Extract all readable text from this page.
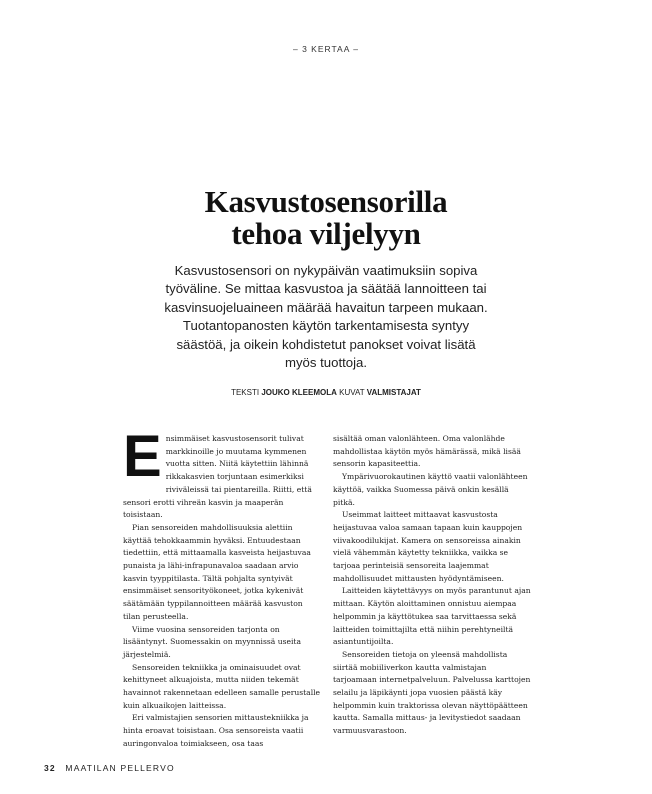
– 3 KERTAA –
Kasvustosensorilla
tehoa viljelyyn

Kasvustosensori on nykypäivän vaatimuksiin sopiva työväline. Se mittaa kasvustoa ja säätää lannoitteen tai kasvinsuojeluaineen määrää havaitun tarpeen mukaan. Tuotantopanosten käytön tarkentamisesta syntyy säästöä, ja oikein kohdistetut panokset voivat lisätä myös tuottoja.

TEKSTI JOUKO KLEEMOLA KUVAT VALMISTAJAT
E nsimmäiset kasvustosensorit tulivat markkinoille jo muutama kymmenen vuotta sitten. Niitä käytettiin lähinnä rikkakasvien torjuntaan esimerkiksi riviväleissä tai pientareilla. Riitti, että sensori erotti vihreän kasvin ja maaperän toisistaan.

Pian sensoreiden mahdollisuuksia alettiin käyttää tehokkaammin hyväksi. Entuudestaan tiedettiin, että mittaamalla kasveista heijastuvaa punaista ja lähi-infrapunavaloa saadaan arvio kasvin tyyppitilasta. Tältä pohjalta syntyivät ensimmäiset sensorityökoneet, jotka kykenivät säätämään typpilannoitteen määrää kasvuston tilan perusteella.

Viime vuosina sensoreiden tarjonta on lisääntynyt. Suomessakin on myynnissä useita järjestelmiä.

Sensoreiden tekniikka ja ominaisuudet ovat kehittyneet alkuajoista, mutta niiden tekemät havainnot rakennetaan edelleen samalle perustalle kuin alkuaikojen laitteissa.

Eri valmistajien sensorien mittaustekniikka ja hinta eroavat toisistaan. Osa sensoreista vaatii auringonvaloa toimiakseen, osa taas

sisältää oman valonlähteen. Oma valonlähde mahdollistaa käytön myös hämärässä, mikä lisää sensorin kapasiteettia.

Ympärivuorokautinen käyttö vaatii valonlähteen käyttöä, vaikka Suomessa päivä onkin kesällä pitkä.

Useimmat laitteet mittaavat kasvustosta heijastuvaa valoa samaan tapaan kuin kauppojen viivakoodilukijat. Kamera on sensoreissa ainakin vielä vähemmän käytetty tekniikka, vaikka se tarjoaa perinteisiä sensoreita laajemmat mahdollisuudet mittausten hyödyntämiseen.

Laitteiden käytettävyys on myös parantunut ajan mittaan. Käytön aloittaminen onnistuu aiempaa helpommin ja käyttötukea saa tarvittaessa sekä laitteiden toimittajilta että niihin perehtyneiltä asiantuntijoilta.

Sensoreiden tietoja on yleensä mahdollista siirtää mobiiliverkon kautta valmistajan tarjoamaan internetpalveluun. Palvelussa karttojen selailu ja läpikäynti jopa vuosien päästä käy helpommin kuin traktorissa olevan näyttöpäätteen kautta. Samalla mittaus- ja levitystiedot saadaan varmuusvarastoon.

32 MAATILAN PELLERVO
